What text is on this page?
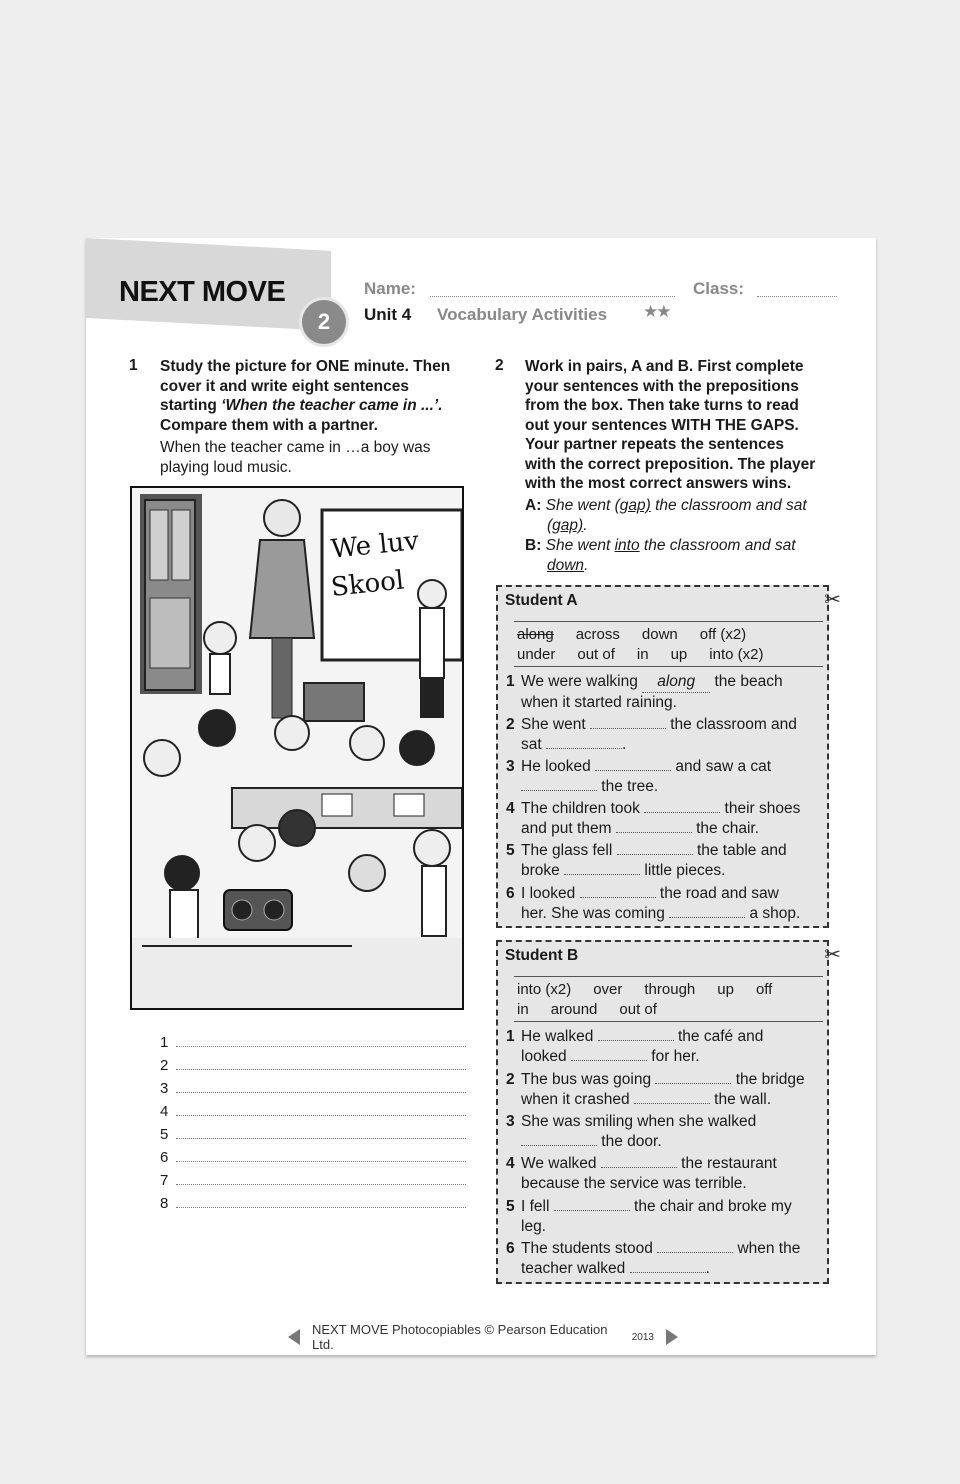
NEXT MOVE
2
Name:	Class:
Unit 4 Vocabulary Activities ★★
1 Study the picture for ONE minute. Then
cover it and write eight sentences
starting ‘When the teacher came in ...’.
Compare them with a partner.
When the teacher came in …a boy was
playing loud music.
We luv
Skool
1
2
3
4
5
6
7
8
2 Work in pairs, A and B. First complete
your sentences with the prepositions
from the box. Then take turns to read
out your sentences WITH THE GAPS.
Your partner repeats the sentences
with the correct preposition. The player
with the most correct answers wins.
A: She went (gap) the classroom and sat
(gap).
B: She went into the classroom and sat
down.
✂
Student A
along across down off (x2)
under out of in up into (x2)
1 We were walking along the beach
when it started raining.
2 She went	the classroom and
sat	.
3 He looked	and saw a cat
the tree.
4 The children took	their shoes
and put them	the chair.
5 The glass fell	the table and
broke	little pieces.
6 I looked	the road and saw
her. She was coming	a shop.
✂
Student B
into (x2) over through up off
in around out of
1 He walked	the café and
looked	for her.
2 The bus was going	the bridge
when it crashed	the wall.
3 She was smiling when she walked
the door.
4 We walked	the restaurant
because the service was terrible.
5 I fell	the chair and broke my
leg.
6 The students stood	when the
teacher walked	.
NEXT MOVE Photocopiables © Pearson Education Ltd.	2013
